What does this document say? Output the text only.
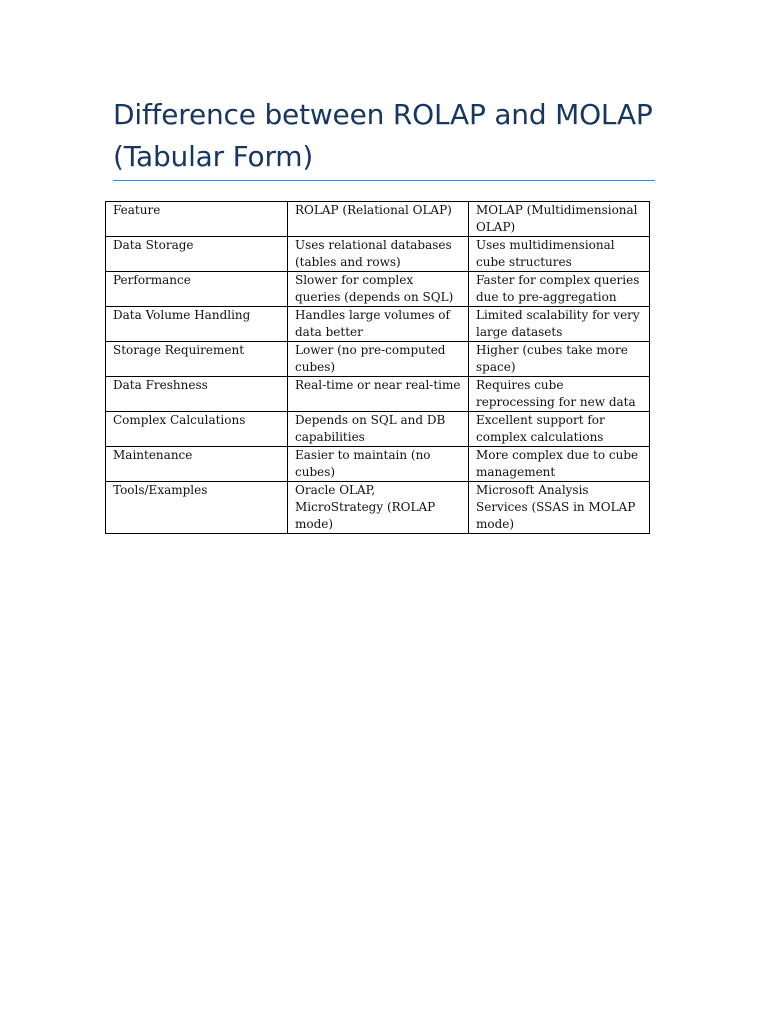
Difference between ROLAP and MOLAP (Tabular Form)
Feature	ROLAP (Relational OLAP)	MOLAP (Multidimensional OLAP)
Data Storage	Uses relational databases (tables and rows)	Uses multidimensional cube structures
Performance	Slower for complex queries (depends on SQL)	Faster for complex queries due to pre-aggregation
Data Volume Handling	Handles large volumes of data better	Limited scalability for very large datasets
Storage Requirement	Lower (no pre-computed cubes)	Higher (cubes take more space)
Data Freshness	Real-time or near real-time	Requires cube reprocessing for new data
Complex Calculations	Depends on SQL and DB capabilities	Excellent support for complex calculations
Maintenance	Easier to maintain (no cubes)	More complex due to cube management
Tools/Examples	Oracle OLAP, MicroStrategy (ROLAP mode)	Microsoft Analysis Services (SSAS in MOLAP mode)
